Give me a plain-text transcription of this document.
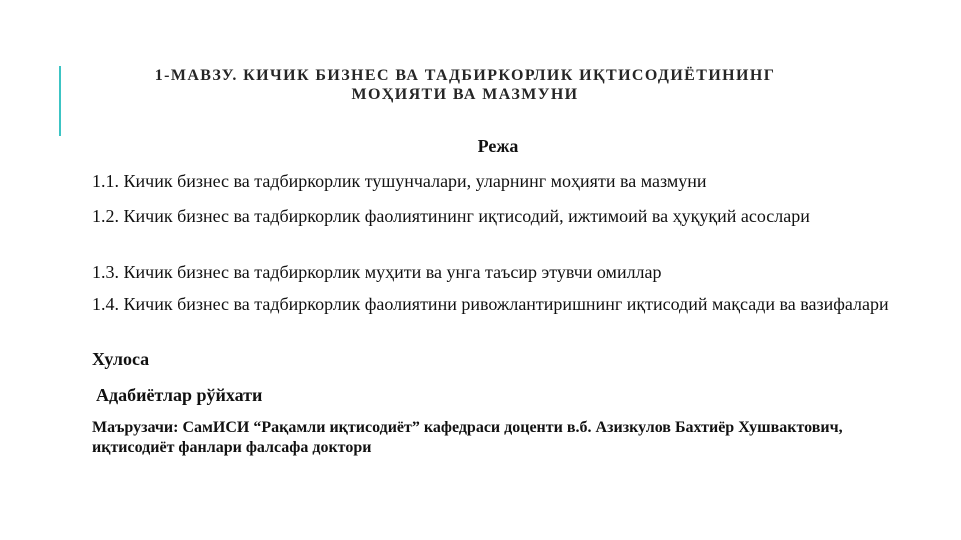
1-МАВЗУ. КИЧИК БИЗНЕС ВА ТАДБИРКОРЛИК ИҚТИСОДИЁТИНИНГ
МОҲИЯТИ ВА МАЗМУНИ
Режа

1.1. Кичик бизнес ва тадбиркорлик тушунчалари, уларнинг моҳияти ва мазмуни

1.2. Кичик бизнес ва тадбиркорлик фаолиятининг иқтисодий, ижтимоий ва ҳуқуқий асослари

1.3. Кичик бизнес ва тадбиркорлик муҳити ва унга таъсир этувчи омиллар

1.4. Кичик бизнес ва тадбиркорлик фаолиятини ривожлантиришнинг иқтисодий мақсади ва вазифалари

Хулоса

Адабиётлар рўйхати

Маърузачи: СамИСИ “Рақамли иқтисодиёт” кафедраси доценти в.б. Азизкулов Бахтиёр Хушвактович, иқтисодиёт фанлари фалсафа доктори
